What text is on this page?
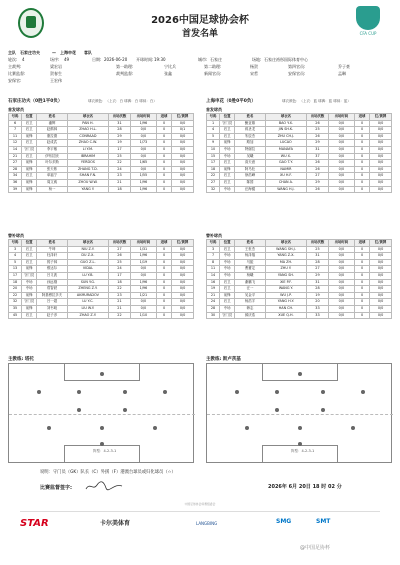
2026中国足球协会杯
首发名单	CFA CUP
主队 石家庄功夫	— 上海申花 客队
轮次: 4	场序: 49	日期: 2026-06-20 开球时间: 19:30	城市: 石家庄	场地: 石家庄裕彤国际体育中心
主裁判:	梁宏岩	第一助理:	宁比兵	第二助理:	杨贺	第四官员:	乔子豪
比赛监督:	贺春生	裁判监督:	张鑫	新闻官员:	宋哲	安保官员:	孟琳
安保官:	王宏伟
石家庄功夫（0胜1平0负）	球衣颜色：（上衣：白 球裤：白 球袜：白）
首发球员
号码	位置	姓名	球衣名	出场次数	出场时间	进球	红/黄牌
6	后卫	潘辉	PAN H.	31	1/96	0	0/0
7	后卫	赵鹤林	ZHAO H.L.	28	0/0	0	0/1
11	前锋	康拉德	CONRAAD	29	0/0	0	0/0
12	后卫	赵成武	ZHAO C.W.	19	1/73	0	0/0
14	守门员	李宇敏	LI Y.M.	17	0/0	0	0/0
21	后卫	伊布拉欣	IBRAHIM	25	0/0	0	0/0
27	前锋	叶尔多斯	YERDOS	22	1/65	0	0/0
28	前锋	张天栋	ZHANG T.D.	24	0/0	0	0/0
34	后卫	单福宁	SHAN F.N.	23	1/55	0	0/0
36	前锋	周文威	ZHOU W.W.	21	1/96	0	0/0
39	前锋	杨一	YANG Y.	18	1/96	0	0/0
替补球员
号码	位置	姓名	球衣名	出场次数	出场时间	进球	红/黄牌
3	后卫	牛坤	NIU Z.Y.	27	1/31	0	0/0
4	后卫	杜泽轩	DU Z.X.	26	1/96	0	0/0
5	后卫	郭子林	GUO Z.L.	25	1/19	0	0/0
13	前锋	维达尔	VIDAL	24	0/0	0	0/0
17	守门员	吕义波	LU Y.B.	17	0/0	0	0/0
18	中场	孙远刚	SUN Y.G.	18	1/96	0	0/0
20	中场	郑智跃	ZHENG Z.Y.	22	1/96	0	0/0
22	前锋	阿基穆拉多夫	AKMURADOV	23	1/21	0	0/0
32	守门员	吕一超	LU Y.C.	21	0/0	0	0/0
35	前锋	刘韦岐	LIU W.Y.	21	0/0	0	0/0
45	后卫	赵子彦	ZHAO Z.Y.	22	1/10	0	0/0
上海申花（0胜0平0负）	球衣颜色：（上衣：蓝 球裤：蓝 球袜：蓝）
首发球员
号码	位置	姓名	球衣名	出场次数	出场时间	进球	红/黄牌
1	守门员	鲍亚雄	BAO Y.X.	26	0/0	0	0/0
4	后卫	蒋圣龙	JIN SH.K.	25	0/0	0	0/0
5	后卫	朱辰杰	ZHU CH.J.	26	0/0	0	0/0
9	前锋	路加	LUCAO	29	0/0	0	0/0
10	中场	特谢拉	MANAFA	31	0/0	0	0/0
15	中场	吴曦	WU X.	37	0/0	0	0/0
17	后卫	高天意	GAO T.Y.	26	0/0	0	0/0
18	前锋	阿马杜	NAMIR	26	0/0	0	0/0
22	后卫	徐浩峰	XU H.F.	27	0/0	0	0/0
27	后卫	陈国	CHAN A.	29	0/0	0	0/0
32	中场	汪海健	WANG H.J.	26	0/0	0	0/0
替补球员
号码	位置	姓名	球衣名	出场次数	出场时间	进球	红/黄牌
3	后卫	王世杰	WANG SH.J.	25	0/0	0	0/0
7	中场	杨泽翔	YANG Z.X.	31	0/0	0	0/0
8	中场	马振	MA ZH.	28	0/0	0	0/0
11	中场	曹赟定	ZHU Y.	27	0/0	0	0/0
14	中场	杨曦	YANG SH.	29	0/0	0	0/0
16	后卫	谢鹏飞	XIE P.F.	31	0/0	0	0/0
19	后卫	汪一	WANG Y.	28	0/0	0	0/0
21	前锋	吴金平	WU J.P.	19	0/0	0	0/0
24	后卫	杨浩宇	YANG H.Y.	20	0/0	0	0/0
28	中场	韩志	HAN CH.	33	0/0	0	0/0
30	守门员	薛庆浩	XUE Q.H.	33	0/0	0	0/0
主教练: 塔托	主教练: 斯卢茨基
阵型：4-2-3-1	阵型：4-2-3-1
说明：守门员（GK）队长（C）外援（F）港澳台球员或归化球员（☆）
比赛监督签字:	2026年 6月 20日 18 时 02 分
中国足球协会杯赛组委会
STAR	卡尔美体育	LANGBING	SMG	SMT
@中国足协杯
